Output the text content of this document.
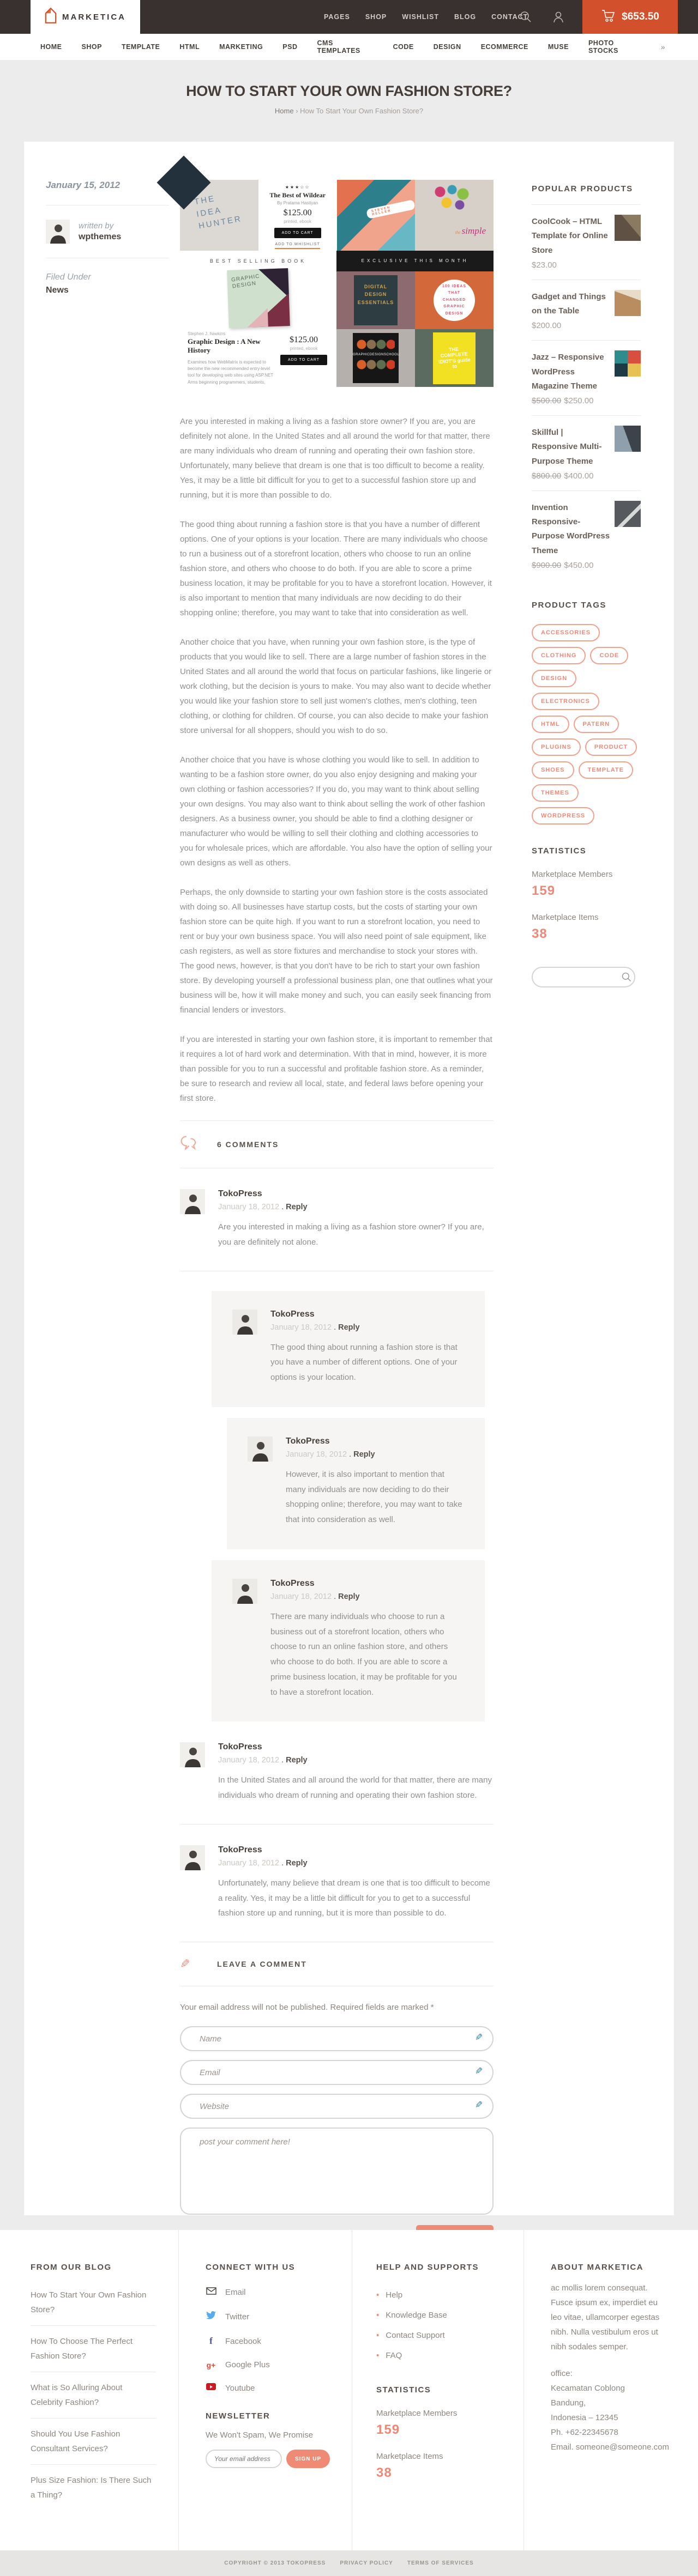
PAGES SHOP WISHLIST BLOG CONTACT	$653.50
MARKETICA
HOME	SHOP	TEMPLATE	HTML	MARKETING	PSD	CMS TEMPLATES	CODE	DESIGN	ECOMMERCE	MUSE	PHOTO STOCKS	»
HOW TO START YOUR OWN FASHION STORE?
Home › How To Start Your Own Fashion Store?
January 15, 2012
written by
wpthemes
Filed Under
News
THE IDEA HUNTER
★★★☆☆
The Best of Wildear
By Pratama Hastiyan
$125.00
printed, ebook
ADD TO CART
ADD TO WHISHLIST
STEVEN HELLER
the simple
BEST SELLING BOOK
GRAPHIC DESIGN
Stephen J. hawkins
Graphic Design : A New History
Examines how WebMatrix is expected to become the new recommended entry-level tool for developing web sites using ASP.NET Arms beginning programmers, students,
$125.00
printed, ebook
ADD TO CART
EXCLUSIVE THIS MONTH
DIGITAL DESIGN ESSENTIALS
100 IDEAS THAT CHANGED GRAPHIC DESIGN
GRAPHICDESIGNSCHOOL:
THE COMPLETE IDIOT'S guide to

Are you interested in making a living as a fashion store owner? If you are, you are definitely not alone. In the United States and all around the world for that matter, there are many individuals who dream of running and operating their own fashion store. Unfortunately, many believe that dream is one that is too difficult to become a reality. Yes, it may be a little bit difficult for you to get to a successful fashion store up and running, but it is more than possible to do.

The good thing about running a fashion store is that you have a number of different options. One of your options is your location. There are many individuals who choose to run a business out of a storefront location, others who choose to run an online fashion store, and others who choose to do both. If you are able to score a prime business location, it may be profitable for you to have a storefront location. However, it is also important to mention that many individuals are now deciding to do their shopping online; therefore, you may want to take that into consideration as well.

Another choice that you have, when running your own fashion store, is the type of products that you would like to sell. There are a large number of fashion stores in the United States and all around the world that focus on particular fashions, like lingerie or work clothing, but the decision is yours to make. You may also want to decide whether you would like your fashion store to sell just women's clothes, men's clothing, teen clothing, or clothing for children. Of course, you can also decide to make your fashion store universal for all shoppers, should you wish to do so.

Another choice that you have is whose clothing you would like to sell. In addition to wanting to be a fashion store owner, do you also enjoy designing and making your own clothing or fashion accessories? If you do, you may want to think about selling your own designs. You may also want to think about selling the work of other fashion designers. As a business owner, you should be able to find a clothing designer or manufacturer who would be willing to sell their clothing and clothing accessories to you for wholesale prices, which are affordable. You also have the option of selling your own designs as well as others.

Perhaps, the only downside to starting your own fashion store is the costs associated with doing so. All businesses have startup costs, but the costs of starting your own fashion store can be quite high. If you want to run a storefront location, you need to rent or buy your own business space. You will also need point of sale equipment, like cash registers, as well as store fixtures and merchandise to stock your stores with. The good news, however, is that you don't have to be rich to start your own fashion store. By developing yourself a professional business plan, one that outlines what your business will be, how it will make money and such, you can easily seek financing from financial lenders or investors.

If you are interested in starting your own fashion store, it is important to remember that it requires a lot of hard work and determination. With that in mind, however, it is more than possible for you to run a successful and profitable fashion store. As a reminder, be sure to research and review all local, state, and federal laws before opening your first store.

6 COMMENTS
TokoPress
January 18, 2012 . Reply
Are you interested in making a living as a fashion store owner? If you are, you are definitely not alone.
TokoPress
January 18, 2012 . Reply
The good thing about running a fashion store is that you have a number of different options. One of your options is your location.
TokoPress
January 18, 2012 . Reply
However, it is also important to mention that many individuals are now deciding to do their shopping online; therefore, you may want to take that into consideration as well.
TokoPress
January 18, 2012 . Reply
There are many individuals who choose to run a business out of a storefront location, others who choose to run an online fashion store, and others who choose to do both. If you are able to score a prime business location, it may be profitable for you to have a storefront location.
TokoPress
January 18, 2012 . Reply
In the United States and all around the world for that matter, there are many individuals who dream of running and operating their own fashion store.
TokoPress
January 18, 2012 . Reply
Unfortunately, many believe that dream is one that is too difficult to become a reality. Yes, it may be a little bit difficult for you to get to a successful fashion store up and running, but it is more than possible to do.
✎	LEAVE A COMMENT
Your email address will not be published. Required fields are marked *
Name
✎
Email
✎
Website
✎
post your comment here!
POPULAR PRODUCTS
CoolCook – HTML Template for Online Store
$23.00
Gadget and Things on the Table
$200.00
Jazz – Responsive WordPress Magazine Theme
$500.00 $250.00
Skillful | Responsive Multi-Purpose Theme
$800.00 $400.00
Invention Responsive-Purpose WordPress Theme
$900.00 $450.00
PRODUCT TAGS
ACCESSORIES
CLOTHING	CODE
DESIGN
ELECTRONICS
HTML	PATERN
PLUGINS	PRODUCT
SHOES	TEMPLATE
THEMES
WORDPRESS
STATISTICS
Marketplace Members
159
Marketplace Items
38
FROM OUR BLOG
How To Start Your Own Fashion Store?
How To Choose The Perfect Fashion Store?
What is So Alluring About Celebrity Fashion?
Should You Use Fashion Consultant Services?
Plus Size Fashion: Is There Such a Thing?
CONNECT WITH US
Email
Twitter
f	Facebook
g+ Google Plus
Youtube
NEWSLETTER
We Won't Spam, We Promise
Your email address
SIGN UP
HELP AND SUPPORTS
• Help
• Knowledge Base
• Contact Support
• FAQ
STATISTICS
Marketplace Members
159
Marketplace Items
38
ABOUT MARKETICA
ac mollis lorem consequat. Fusce ipsum ex, imperdiet eu leo vitae, ullamcorper egestas nibh. Nulla vestibulum eros ut nibh sodales semper.
office:
Kecamatan Coblong
Bandung,
Indonesia – 12345
Ph. +62-22345678
Email. someone@someone.com
COPYRIGHT © 2013 TOKOPRESS	PRIVACY POLICY	TERMS OF SERVICES
